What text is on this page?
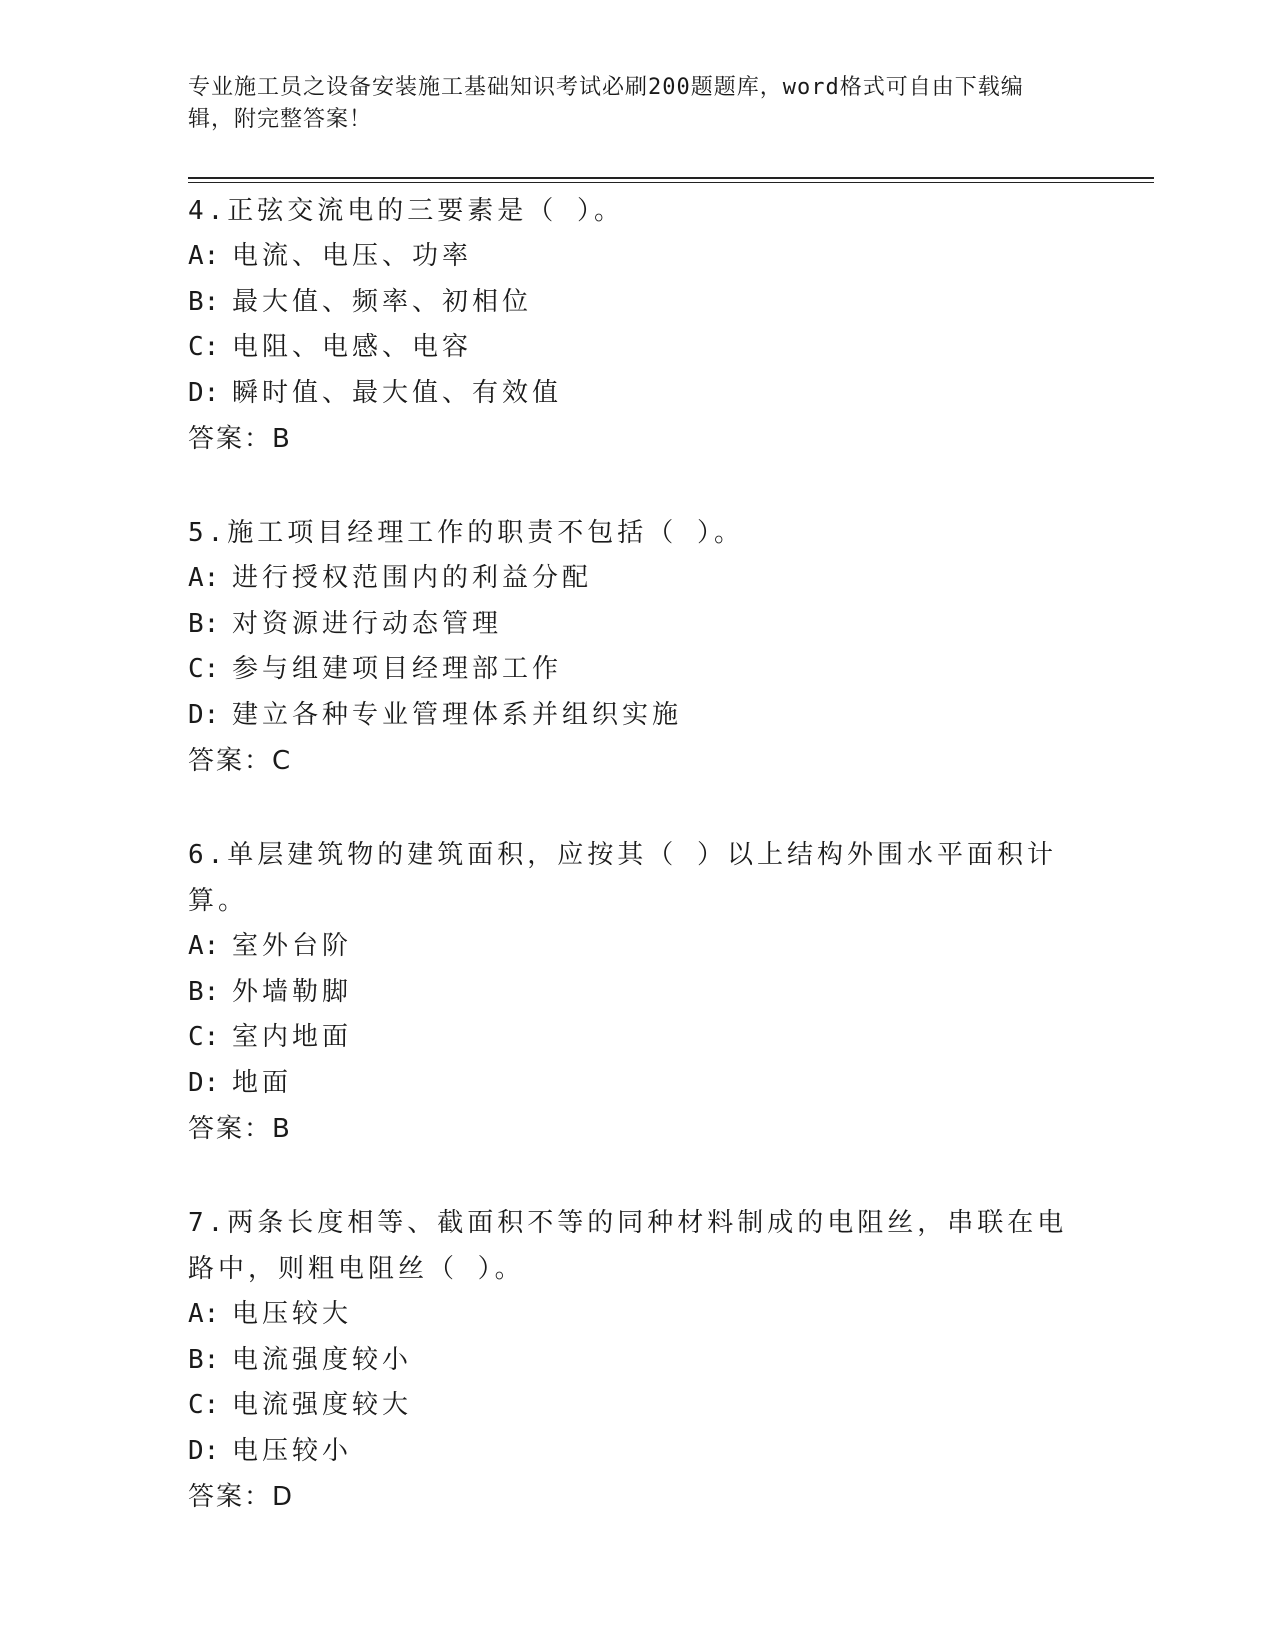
专业施工员之设备安装施工基础知识考试必刷200题题库，word格式可自由下载编辑，附完整答案！

4.正弦交流电的三要素是（ ）。

A: 电流、电压、功率

B: 最大值、频率、初相位

C: 电阻、电感、电容

D: 瞬时值、最大值、有效值

答案：B

5.施工项目经理工作的职责不包括（ ）。

A: 进行授权范围内的利益分配

B: 对资源进行动态管理

C: 参与组建项目经理部工作

D: 建立各种专业管理体系并组织实施

答案：C

6.单层建筑物的建筑面积，应按其（ ）以上结构外围水平面积计算。

A: 室外台阶

B: 外墙勒脚

C: 室内地面

D: 地面

答案：B

7.两条长度相等、截面积不等的同种材料制成的电阻丝，串联在电路中，则粗电阻丝（ ）。

A: 电压较大

B: 电流强度较小

C: 电流强度较大

D: 电压较小

答案：D
